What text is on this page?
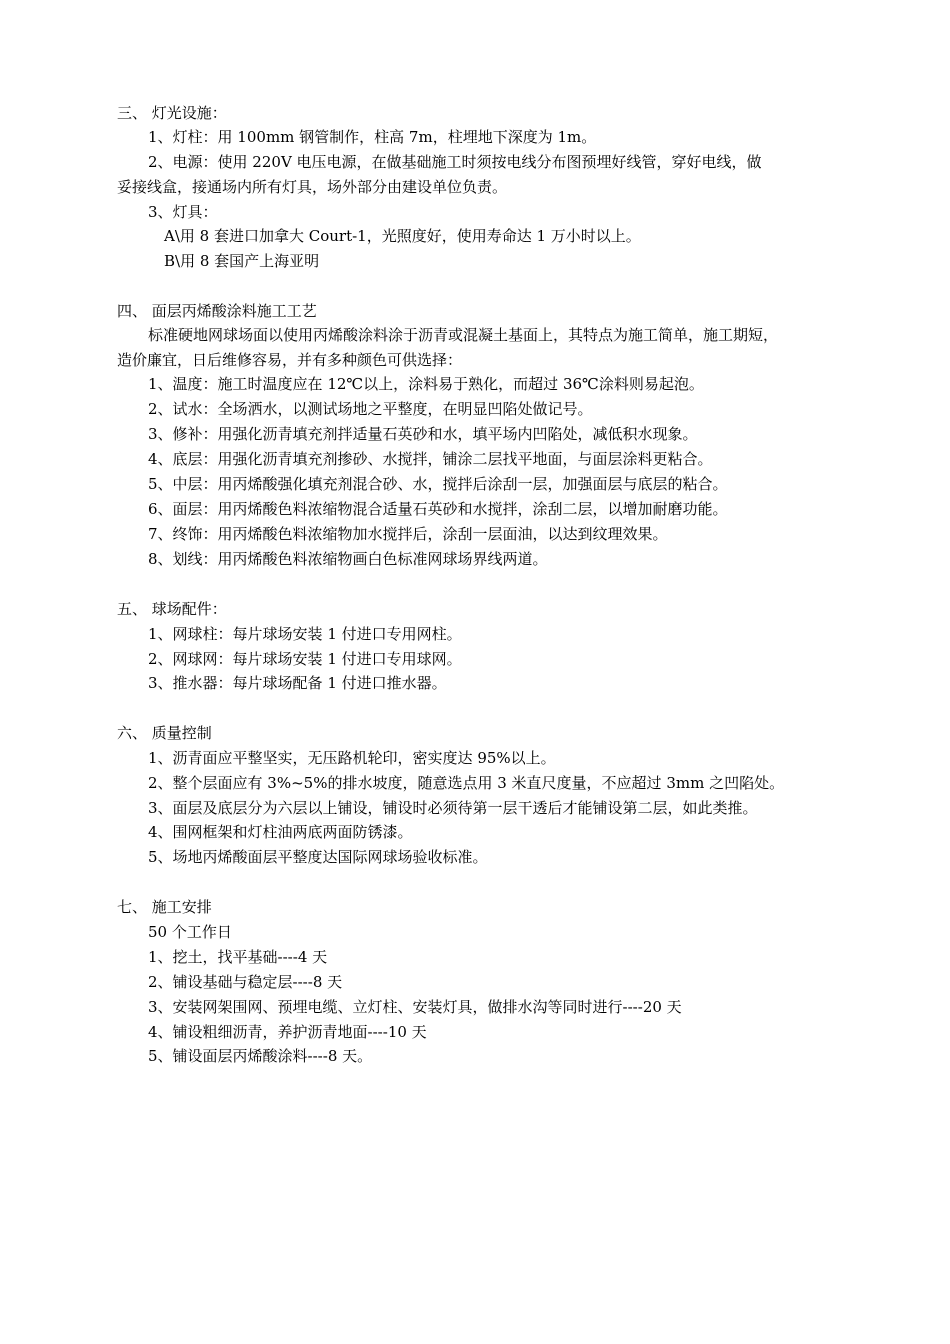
三、 灯光设施：
1、灯柱：用 100mm 钢管制作，柱高 7m，柱埋地下深度为 1m。
2、电源：使用 220V 电压电源，在做基础施工时须按电线分布图预埋好线管，穿好电线，做
妥接线盒，接通场内所有灯具，场外部分由建设单位负责。
3、灯具：
A\用 8 套进口加拿大 Court-1，光照度好，使用寿命达 1 万小时以上。
B\用 8 套国产上海亚明
四、 面层丙烯酸涂料施工工艺
标准硬地网球场面以使用丙烯酸涂料涂于沥青或混凝土基面上，其特点为施工简单，施工期短，
造价廉宜，日后维修容易，并有多种颜色可供选择：
1、温度：施工时温度应在 12℃以上，涂料易于熟化，而超过 36℃涂料则易起泡。
2、试水：全场洒水，以测试场地之平整度，在明显凹陷处做记号。
3、修补：用强化沥青填充剂拌适量石英砂和水，填平场内凹陷处，减低积水现象。
4、底层：用强化沥青填充剂掺砂、水搅拌，铺涂二层找平地面，与面层涂料更粘合。
5、中层：用丙烯酸强化填充剂混合砂、水，搅拌后涂刮一层，加强面层与底层的粘合。
6、面层：用丙烯酸色料浓缩物混合适量石英砂和水搅拌，涂刮二层，以增加耐磨功能。
7、终饰：用丙烯酸色料浓缩物加水搅拌后，涂刮一层面油，以达到纹理效果。
8、划线：用丙烯酸色料浓缩物画白色标准网球场界线两道。
五、 球场配件：
1、网球柱：每片球场安装 1 付进口专用网柱。
2、网球网：每片球场安装 1 付进口专用球网。
3、推水器：每片球场配备 1 付进口推水器。
六、 质量控制
1、沥青面应平整坚实，无压路机轮印，密实度达 95%以上。
2、整个层面应有 3%~5%的排水坡度，随意选点用 3 米直尺度量，不应超过 3mm 之凹陷处。
3、面层及底层分为六层以上铺设，铺设时必须待第一层干透后才能铺设第二层，如此类推。
4、围网框架和灯柱油两底两面防锈漆。
5、场地丙烯酸面层平整度达国际网球场验收标准。
七、 施工安排
50 个工作日
1、挖土，找平基础----4 天
2、铺设基础与稳定层----8 天
3、安装网架围网、预埋电缆、立灯柱、安装灯具，做排水沟等同时进行----20 天
4、铺设粗细沥青，养护沥青地面----10 天
5、铺设面层丙烯酸涂料----8 天。
